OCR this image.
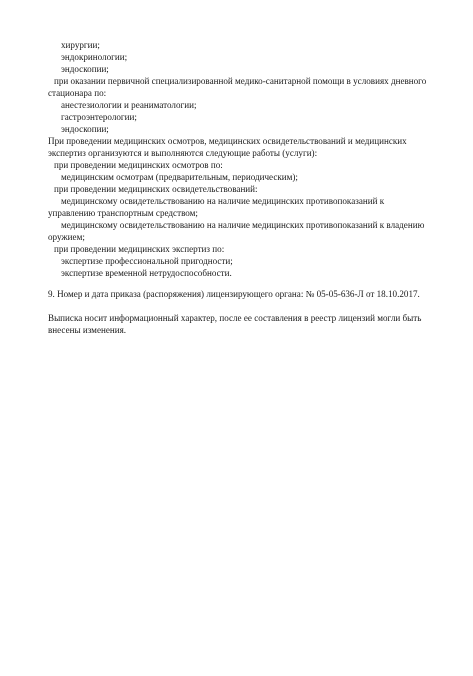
хирургии;
эндокринологии;
эндоскопии;
при оказании первичной специализированной медико-санитарной помощи в условиях дневного
стационара по:
анестезиологии и реаниматологии;
гастроэнтерологии;
эндоскопии;
При проведении медицинских осмотров, медицинских освидетельствований и медицинских
экспертиз организуются и выполняются следующие работы (услуги):
при проведении медицинских осмотров по:
медицинским осмотрам (предварительным, периодическим);
при проведении медицинских освидетельствований:
медицинскому освидетельствованию на наличие медицинских противопоказаний к
управлению транспортным средством;
медицинскому освидетельствованию на наличие медицинских противопоказаний к владению
оружием;
при проведении медицинских экспертиз по:
экспертизе профессиональной пригодности;
экспертизе временной нетрудоспособности.
9. Номер и дата приказа (распоряжения) лицензирующего органа: № 05-05-636-Л от 18.10.2017.
Выписка носит информационный характер, после ее составления в реестр лицензий могли быть
внесены изменения.
